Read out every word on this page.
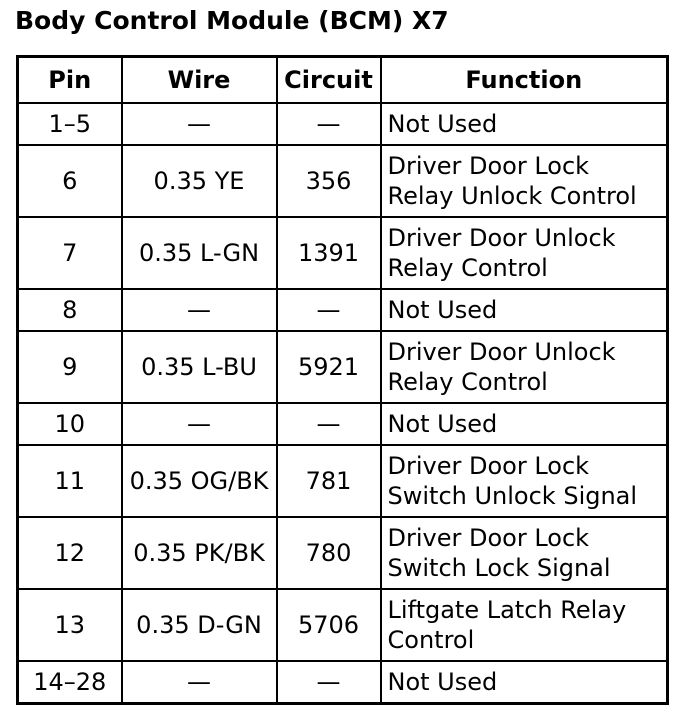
Body Control Module (BCM) X7
Pin	Wire	Circuit	Function
1–5	—	—	Not Used
6	0.35 YE	356	Driver Door Lock Relay Unlock Control
7	0.35 L-GN	1391	Driver Door Unlock Relay Control
8	—	—	Not Used
9	0.35 L-BU	5921	Driver Door Unlock Relay Control
10	—	—	Not Used
11	0.35 OG/BK	781	Driver Door Lock Switch Unlock Signal
12	0.35 PK/BK	780	Driver Door Lock Switch Lock Signal
13	0.35 D-GN	5706	Liftgate Latch Relay Control
14–28	—	—	Not Used
